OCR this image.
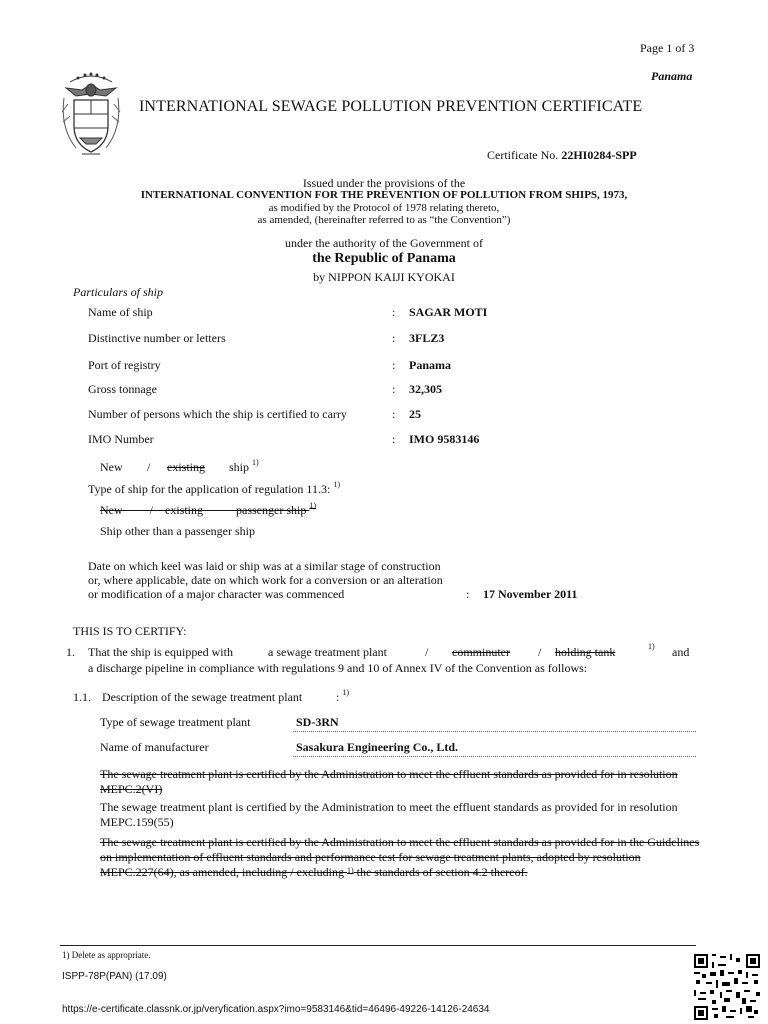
Page 1 of 3
Panama
INTERNATIONAL SEWAGE POLLUTION PREVENTION CERTIFICATE
Certificate No. 22HI0284-SPP
Issued under the provisions of the
INTERNATIONAL CONVENTION FOR THE PREVENTION OF POLLUTION FROM SHIPS, 1973,
as modified by the Protocol of 1978 relating thereto,
as amended, (hereinafter referred to as “the Convention”)
under the authority of the Government of
the Republic of Panama
by NIPPON KAIJI KYOKAI
Particulars of ship
Name of ship	: SAGAR MOTI
Distinctive number or letters	: 3FLZ3
Port of registry	: Panama
Gross tonnage	: 32,305
Number of persons which the ship is certified to carry	: 25
IMO Number	: IMO 9583146
New / existing ship $^{1)}$
Type of ship for the application of regulation 11.3: $^{1)}$
New / existing	passenger ship $^{1)}$
Ship other than a passenger ship
Date on which keel was laid or ship was at a similar stage of construction
or, where applicable, date on which work for a conversion or an alteration
or modification of a major character was commenced	: 17 November 2011
THIS IS TO CERTIFY:
1. That the ship is equipped with	a sewage treatment plant	/ comminuter / holding tank	1) and
a discharge pipeline in compliance with regulations 9 and 10 of Annex IV of the Convention as follows:
1.1. Description of the sewage treatment plant	: $^{1)}$
Type of sewage treatment plant	SD-3RN
Name of manufacturer	Sasakura Engineering Co., Ltd.
The sewage treatment plant is certified by the Administration to meet the effluent standards as provided for in resolution MEPC.2(VI)
The sewage treatment plant is certified by the Administration to meet the effluent standards as provided for in resolution MEPC.159(55)
The sewage treatment plant is certified by the Administration to meet the effluent standards as provided for in the Guidelines on implementation of effluent standards and performance test for sewage treatment plants, adopted by resolution MEPC.227(64), as amended, including / excluding $^{1)}$ the standards of section 4.2 thereof.
1) Delete as appropriate.
ISPP-78P(PAN) (17.09)
https://e-certificate.classnk.or.jp/veryfication.aspx?imo=9583146&tid=46496-49226-14126-24634
